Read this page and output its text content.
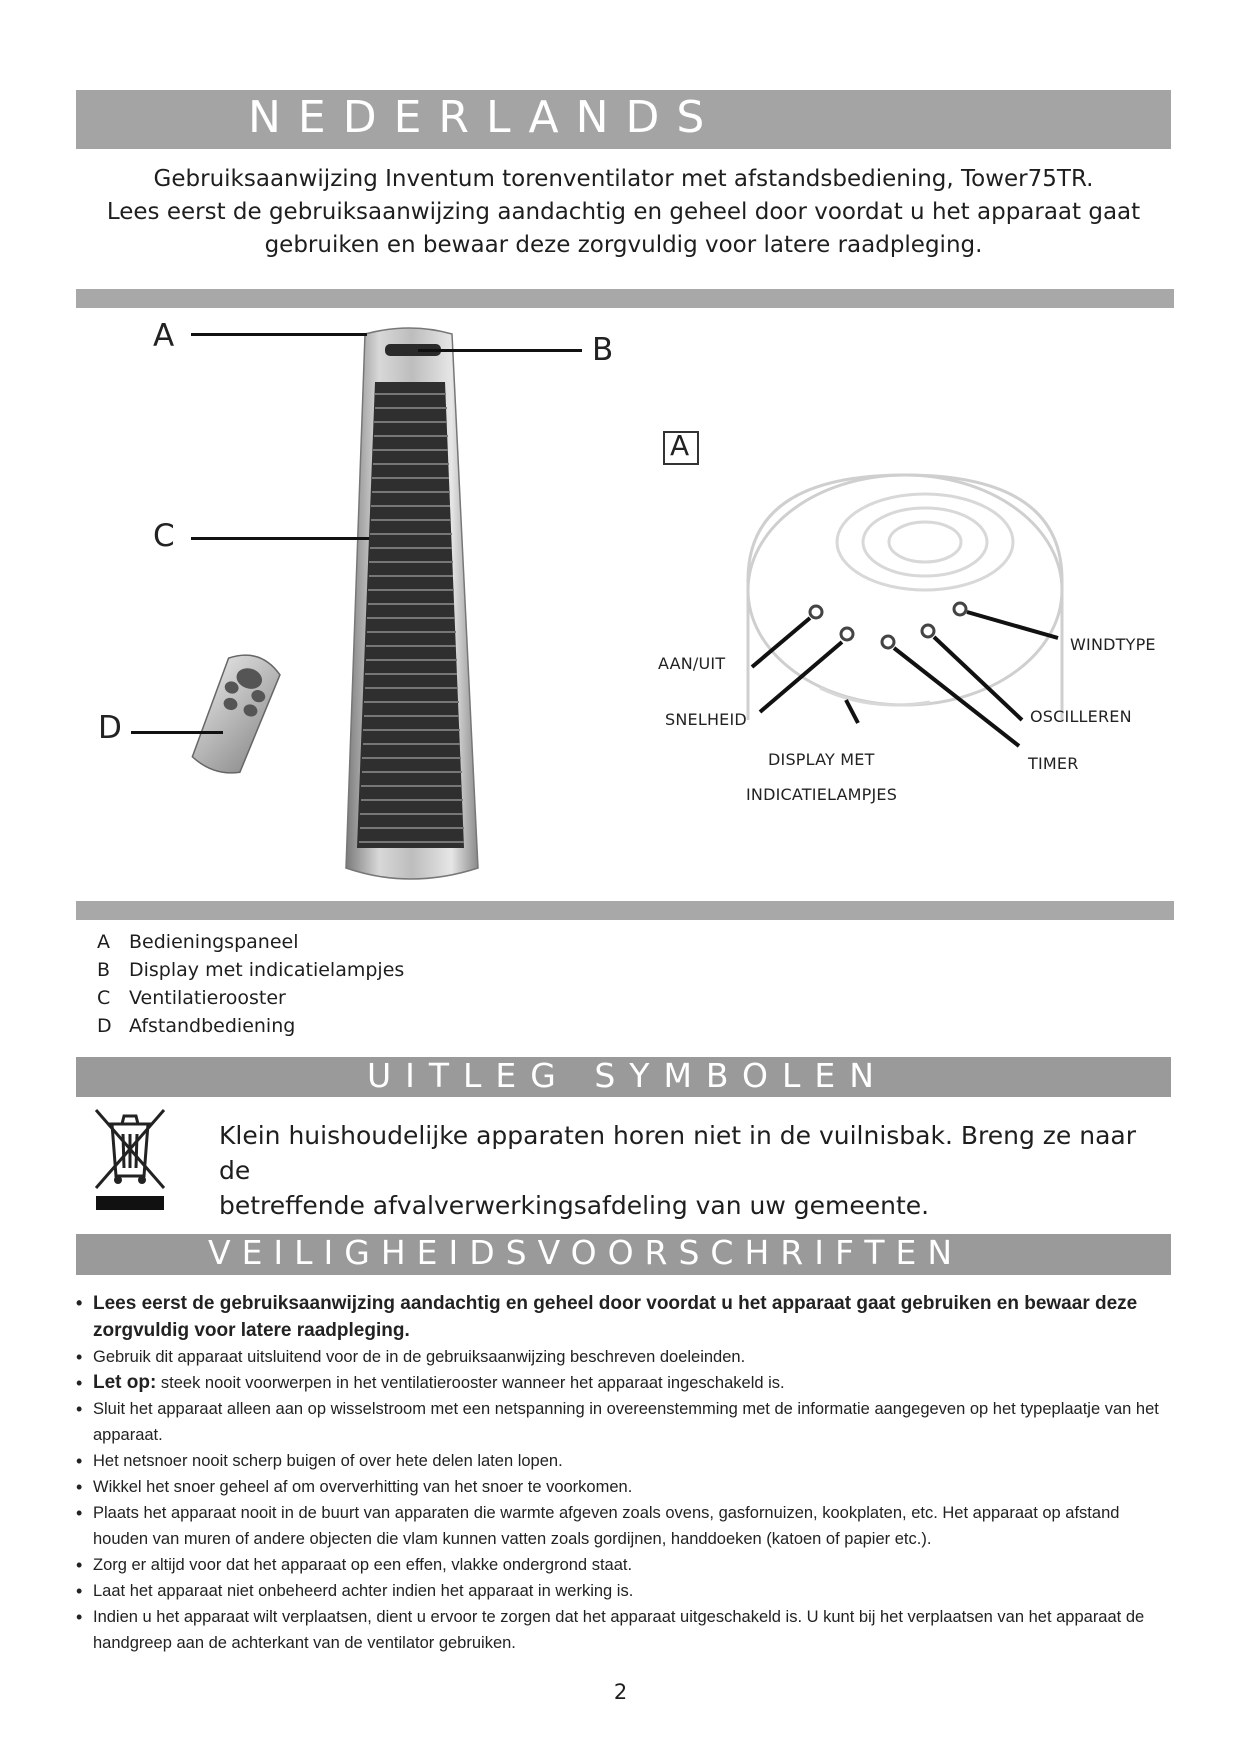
NEDERLANDS
Gebruiksaanwijzing Inventum torenventilator met afstandsbediening, Tower75TR.
Lees eerst de gebruiksaanwijzing aandachtig en geheel door voordat u het apparaat gaat
gebruiken en bewaar deze zorgvuldig voor latere raadpleging.
A	B
C
D
A
AAN/UIT
SNELHEID
WINDTYPE
OSCILLEREN
TIMER
DISPLAY MET
INDICATIELAMPJES
A Bedieningspaneel
B Display met indicatielampjes
C Ventilatierooster
D Afstandbediening
UITLEG SYMBOLEN
Klein huishoudelijke apparaten horen niet in de vuilnisbak. Breng ze naar de
betreffende afvalverwerkingsafdeling van uw gemeente.
VEILIGHEIDSVOORSCHRIFTEN
• Lees eerst de gebruiksaanwijzing aandachtig en geheel door voordat u het apparaat gaat gebruiken en bewaar deze zorgvuldig voor latere raadpleging.
• Gebruik dit apparaat uitsluitend voor de in de gebruiksaanwijzing beschreven doeleinden.
• Let op: steek nooit voorwerpen in het ventilatierooster wanneer het apparaat ingeschakeld is.
• Sluit het apparaat alleen aan op wisselstroom met een netspanning in overeenstemming met de informatie aangegeven op het typeplaatje van het apparaat.
• Het netsnoer nooit scherp buigen of over hete delen laten lopen.
• Wikkel het snoer geheel af om oververhitting van het snoer te voorkomen.
• Plaats het apparaat nooit in de buurt van apparaten die warmte afgeven zoals ovens, gasfornuizen, kookplaten, etc. Het apparaat op afstand houden van muren of andere objecten die vlam kunnen vatten zoals gordijnen, handdoeken (katoen of papier etc.).
• Zorg er altijd voor dat het apparaat op een effen, vlakke ondergrond staat.
• Laat het apparaat niet onbeheerd achter indien het apparaat in werking is.
• Indien u het apparaat wilt verplaatsen, dient u ervoor te zorgen dat het apparaat uitgeschakeld is. U kunt bij het verplaatsen van het apparaat de handgreep aan de achterkant van de ventilator gebruiken.
2
